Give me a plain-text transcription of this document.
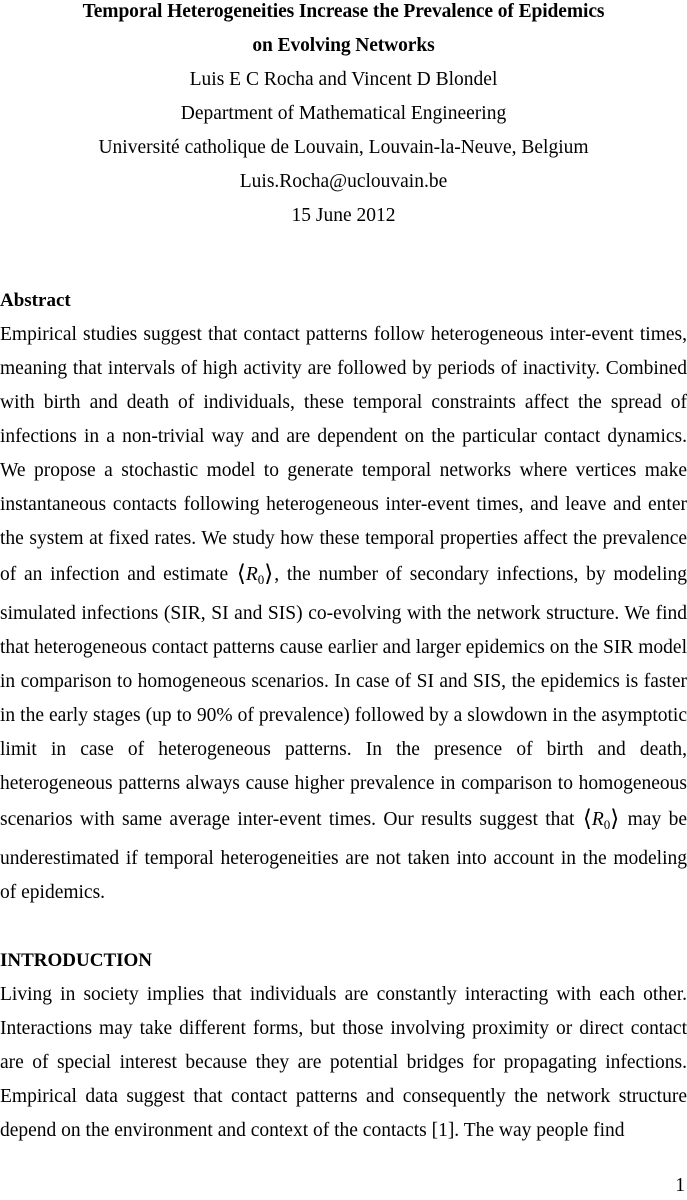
Temporal Heterogeneities Increase the Prevalence of Epidemics
on Evolving Networks
Luis E C Rocha and Vincent D Blondel
Department of Mathematical Engineering
Université catholique de Louvain, Louvain-la-Neuve, Belgium
Luis.Rocha@uclouvain.be
15 June 2012
Abstract
Empirical studies suggest that contact patterns follow heterogeneous inter-event times, meaning that intervals of high activity are followed by periods of inactivity. Combined with birth and death of individuals, these temporal constraints affect the spread of infections in a non-trivial way and are dependent on the particular contact dynamics. We propose a stochastic model to generate temporal networks where vertices make instantaneous contacts following heterogeneous inter-event times, and leave and enter the system at fixed rates. We study how these temporal properties affect the prevalence of an infection and estimate $⟨R_0⟩$, the number of secondary infections, by modeling simulated infections (SIR, SI and SIS) co-evolving with the network structure. We find that heterogeneous contact patterns cause earlier and larger epidemics on the SIR model in comparison to homogeneous scenarios. In case of SI and SIS, the epidemics is faster in the early stages (up to 90% of prevalence) followed by a slowdown in the asymptotic limit in case of heterogeneous patterns. In the presence of birth and death, heterogeneous patterns always cause higher prevalence in comparison to homogeneous scenarios with same average inter-event times. Our results suggest that $⟨R_0⟩$ may be underestimated if temporal heterogeneities are not taken into account in the modeling of epidemics.
INTRODUCTION
Living in society implies that individuals are constantly interacting with each other. Interactions may take different forms, but those involving proximity or direct contact are of special interest because they are potential bridges for propagating infections. Empirical data suggest that contact patterns and consequently the network structure depend on the environment and context of the contacts [1]. The way people find
1
